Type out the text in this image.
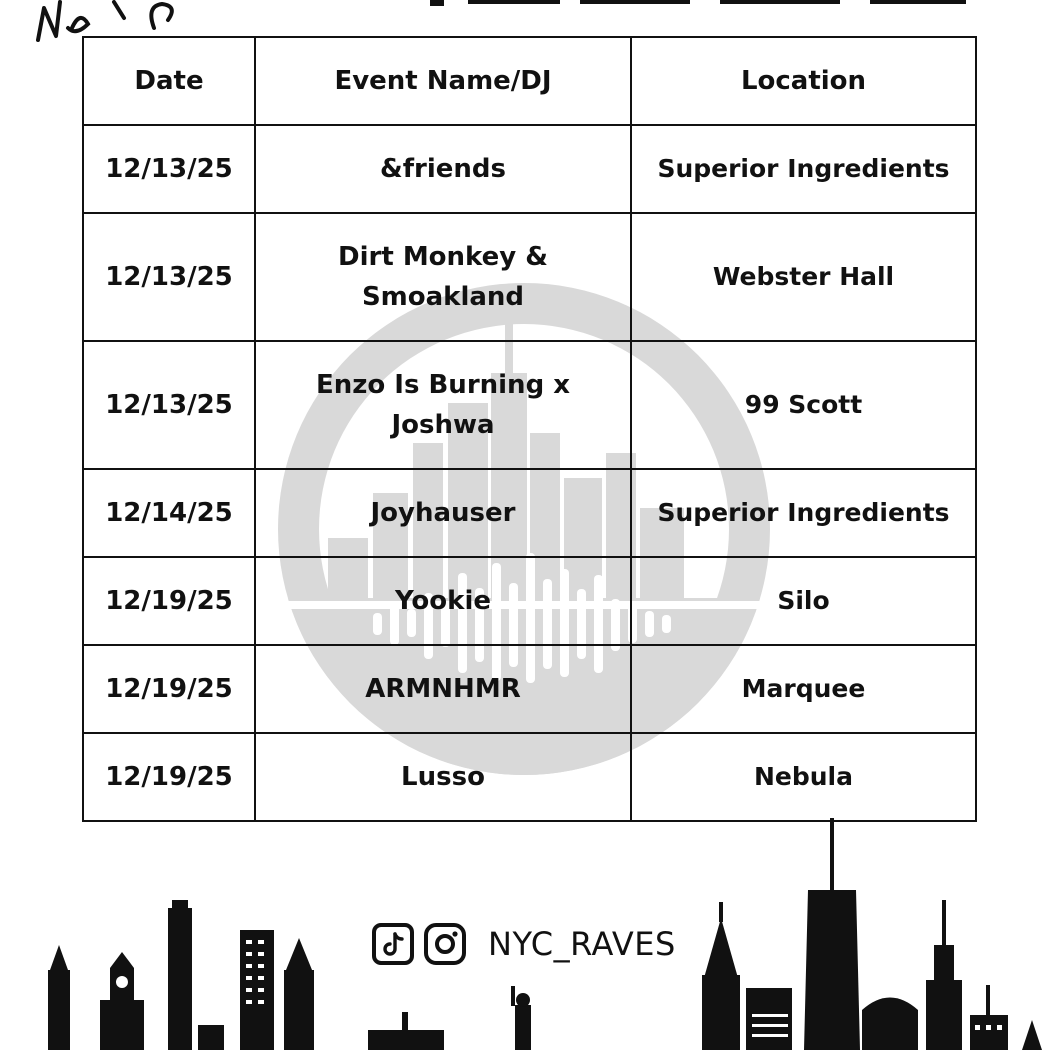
Date	Event Name/DJ	Location
12/13/25	&friends	Superior Ingredients
12/13/25	Dirt Monkey & Smoakland	Webster Hall
12/13/25	Enzo Is Burning x Joshwa	99 Scott
12/14/25	Joyhauser	Superior Ingredients
12/19/25	Yookie	Silo
12/19/25	ARMNHMR	Marquee
12/19/25	Lusso	Nebula
NYC_RAVES
